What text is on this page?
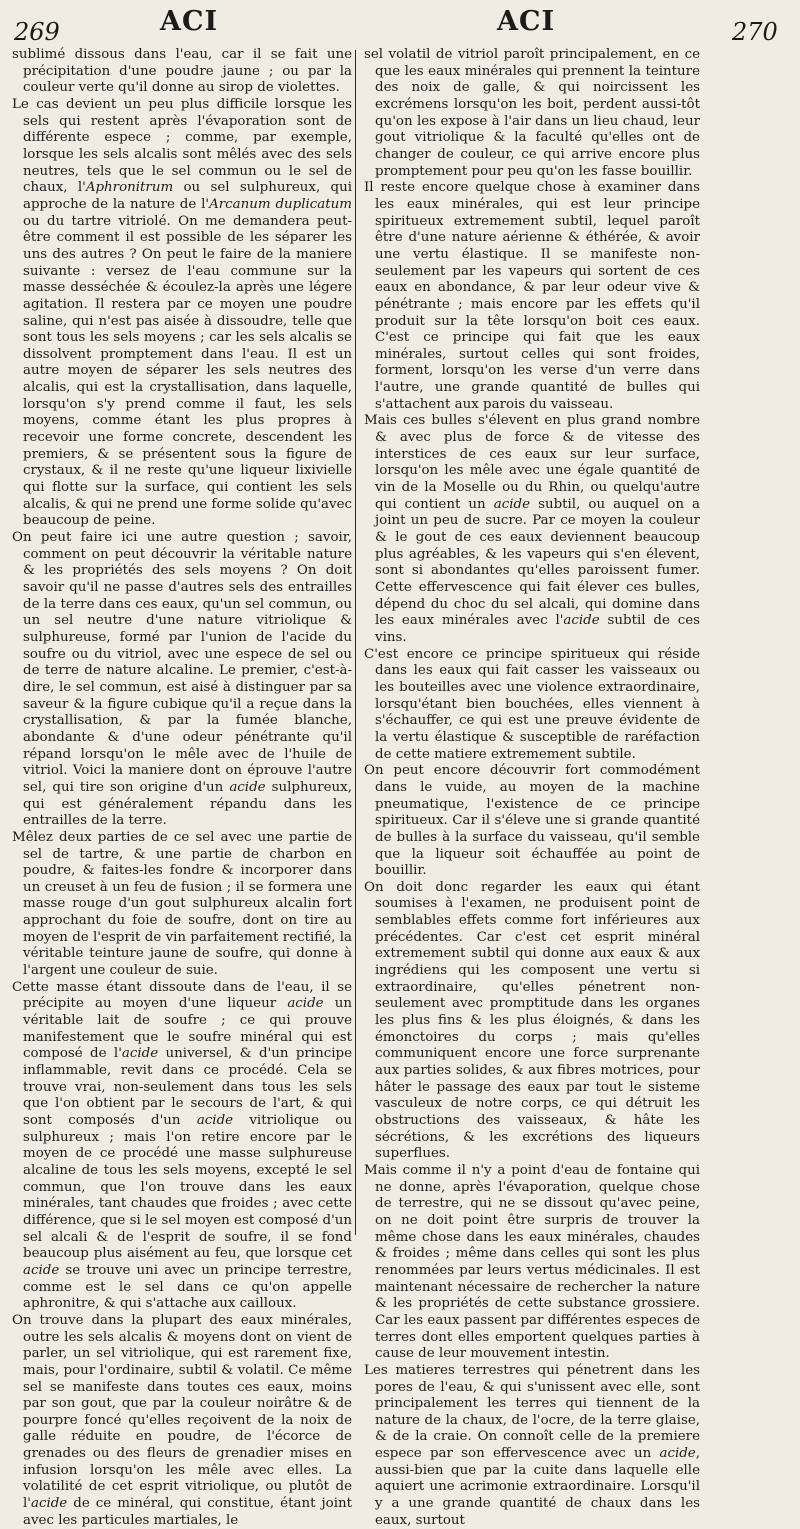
269	ACI	ACI	270

sublimé dissous dans l'eau, car il se fait une précipitation d'une poudre jaune ; ou par la couleur verte qu'il donne au sirop de violettes.

Le cas devient un peu plus difficile lorsque les sels qui restent après l'évaporation sont de différente espece ; comme, par exemple, lorsque les sels alcalis sont mêlés avec des sels neutres, tels que le sel commun ou le sel de chaux, l'Aphronitrum ou sel sulphureux, qui approche de la nature de l'Arcanum duplicatum ou du tartre vitriolé. On me demandera peut-être comment il est possible de les séparer les uns des autres ? On peut le faire de la maniere suivante : versez de l'eau commune sur la masse desséchée & écoulez-la après une légere agitation. Il restera par ce moyen une poudre saline, qui n'est pas aisée à dissoudre, telle que sont tous les sels moyens ; car les sels alcalis se dissolvent promptement dans l'eau. Il est un autre moyen de séparer les sels neutres des alcalis, qui est la crystallisation, dans laquelle, lorsqu'on s'y prend comme il faut, les sels moyens, comme étant les plus propres à recevoir une forme concrete, descendent les premiers, & se présentent sous la figure de crystaux, & il ne reste qu'une liqueur lixivielle qui flotte sur la surface, qui contient les sels alcalis, & qui ne prend une forme solide qu'avec beaucoup de peine.

On peut faire ici une autre question ; savoir, comment on peut découvrir la véritable nature & les propriétés des sels moyens ? On doit savoir qu'il ne passe d'autres sels des entrailles de la terre dans ces eaux, qu'un sel commun, ou un sel neutre d'une nature vitriolique & sulphureuse, formé par l'union de l'acide du soufre ou du vitriol, avec une espece de sel ou de terre de nature alcaline. Le premier, c'est-à-dire, le sel commun, est aisé à distinguer par sa saveur & la figure cubique qu'il a reçue dans la crystallisation, & par la fumée blanche, abondante & d'une odeur pénétrante qu'il répand lorsqu'on le mêle avec de l'huile de vitriol. Voici la maniere dont on éprouve l'autre sel, qui tire son origine d'un acide sulphureux, qui est généralement répandu dans les entrailles de la terre.

Mêlez deux parties de ce sel avec une partie de sel de tartre, & une partie de charbon en poudre, & faites-les fondre & incorporer dans un creuset à un feu de fusion ; il se formera une masse rouge d'un gout sulphureux alcalin fort approchant du foie de soufre, dont on tire au moyen de l'esprit de vin parfaitement rectifié, la véritable teinture jaune de soufre, qui donne à l'argent une couleur de suie.

Cette masse étant dissoute dans de l'eau, il se précipite au moyen d'une liqueur acide un véritable lait de soufre ; ce qui prouve manifestement que le soufre minéral qui est composé de l'acide universel, & d'un principe inflammable, revit dans ce procédé. Cela se trouve vrai, non-seulement dans tous les sels que l'on obtient par le secours de l'art, & qui sont composés d'un acide vitriolique ou sulphureux ; mais l'on retire encore par le moyen de ce procédé une masse sulphureuse alcaline de tous les sels moyens, excepté le sel commun, que l'on trouve dans les eaux minérales, tant chaudes que froides ; avec cette différence, que si le sel moyen est composé d'un sel alcali & de l'esprit de soufre, il se fond beaucoup plus aisément au feu, que lorsque cet acide se trouve uni avec un principe terrestre, comme est le sel dans ce qu'on appelle aphronitre, & qui s'attache aux cailloux.

On trouve dans la plupart des eaux minérales, outre les sels alcalis & moyens dont on vient de parler, un sel vitriolique, qui est rarement fixe, mais, pour l'ordinaire, subtil & volatil. Ce même sel se manifeste dans toutes ces eaux, moins par son gout, que par la couleur noirâtre & de pourpre foncé qu'elles reçoivent de la noix de galle réduite en poudre, de l'écorce de grenades ou des fleurs de grenadier mises en infusion lorsqu'on les mêle avec elles. La volatilité de cet esprit vitriolique, ou plutôt de l'acide de ce minéral, qui constitue, étant joint avec les particules martiales, le

sel volatil de vitriol paroît principalement, en ce que les eaux minérales qui prennent la teinture des noix de galle, & qui noircissent les excrémens lorsqu'on les boit, perdent aussi-tôt qu'on les expose à l'air dans un lieu chaud, leur gout vitriolique & la faculté qu'elles ont de changer de couleur, ce qui arrive encore plus promptement pour peu qu'on les fasse bouillir.

Il reste encore quelque chose à examiner dans les eaux minérales, qui est leur principe spiritueux extremement subtil, lequel paroît être d'une nature aérienne & éthérée, & avoir une vertu élastique. Il se manifeste non-seulement par les vapeurs qui sortent de ces eaux en abondance, & par leur odeur vive & pénétrante ; mais encore par les effets qu'il produit sur la tête lorsqu'on boit ces eaux. C'est ce principe qui fait que les eaux minérales, surtout celles qui sont froides, forment, lorsqu'on les verse d'un verre dans l'autre, une grande quantité de bulles qui s'attachent aux parois du vaisseau.

Mais ces bulles s'élevent en plus grand nombre & avec plus de force & de vitesse des interstices de ces eaux sur leur surface, lorsqu'on les mêle avec une égale quantité de vin de la Moselle ou du Rhin, ou quelqu'autre qui contient un acide subtil, ou auquel on a joint un peu de sucre. Par ce moyen la couleur & le gout de ces eaux deviennent beaucoup plus agréables, & les vapeurs qui s'en élevent, sont si abondantes qu'elles paroissent fumer. Cette effervescence qui fait élever ces bulles, dépend du choc du sel alcali, qui domine dans les eaux minérales avec l'acide subtil de ces vins.

C'est encore ce principe spiritueux qui réside dans les eaux qui fait casser les vaisseaux ou les bouteilles avec une violence extraordinaire, lorsqu'étant bien bouchées, elles viennent à s'échauffer, ce qui est une preuve évidente de la vertu élastique & susceptible de raréfaction de cette matiere extremement subtile.

On peut encore découvrir fort commodément dans le vuide, au moyen de la machine pneumatique, l'existence de ce principe spiritueux. Car il s'éleve une si grande quantité de bulles à la surface du vaisseau, qu'il semble que la liqueur soit échauffée au point de bouillir.

On doit donc regarder les eaux qui étant soumises à l'examen, ne produisent point de semblables effets comme fort inférieures aux précédentes. Car c'est cet esprit minéral extremement subtil qui donne aux eaux & aux ingrédiens qui les composent une vertu si extraordinaire, qu'elles pénetrent non-seulement avec promptitude dans les organes les plus fins & les plus éloignés, & dans les émonctoires du corps ; mais qu'elles communiquent encore une force surprenante aux parties solides, & aux fibres motrices, pour hâter le passage des eaux par tout le sisteme vasculeux de notre corps, ce qui détruit les obstructions des vaisseaux, & hâte les sécrétions, & les excrétions des liqueurs superflues.

Mais comme il n'y a point d'eau de fontaine qui ne donne, après l'évaporation, quelque chose de terrestre, qui ne se dissout qu'avec peine, on ne doit point être surpris de trouver la même chose dans les eaux minérales, chaudes & froides ; même dans celles qui sont les plus renommées par leurs vertus médicinales. Il est maintenant nécessaire de rechercher la nature & les propriétés de cette substance grossiere. Car les eaux passent par différentes especes de terres dont elles emportent quelques parties à cause de leur mouvement intestin.

Les matieres terrestres qui pénetrent dans les pores de l'eau, & qui s'unissent avec elle, sont principalement les terres qui tiennent de la nature de la chaux, de l'ocre, de la terre glaise, & de la craie. On connoît celle de la premiere espece par son effervescence avec un acide, aussi-bien que par la cuite dans laquelle elle aquiert une acrimonie extraordinaire. Lorsqu'il y a une grande quantité de chaux dans les eaux, surtout
